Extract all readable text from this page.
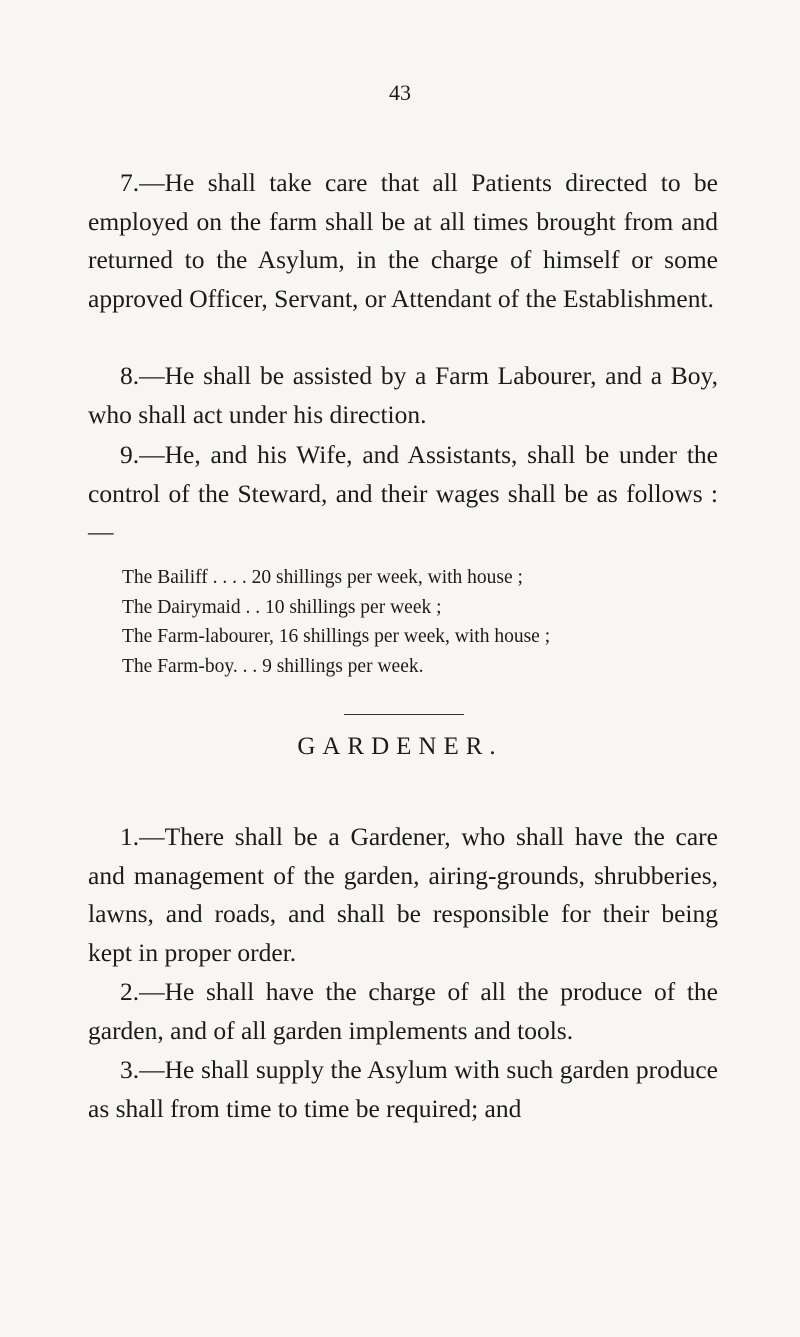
43

7.—He shall take care that all Patients directed to be employed on the farm shall be at all times brought from and returned to the Asylum, in the charge of himself or some approved Officer, Servant, or Attendant of the Establishment.

8.—He shall be assisted by a Farm Labourer, and a Boy, who shall act under his direction.

9.—He, and his Wife, and Assistants, shall be under the control of the Steward, and their wages shall be as follows :—

The Bailiff . . . . 20 shillings per week, with house ;
The Dairymaid . . 10 shillings per week ;
The Farm-labourer, 16 shillings per week, with house ;
The Farm-boy. . . 9 shillings per week.
GARDENER.

1.—There shall be a Gardener, who shall have the care and management of the garden, airing-grounds, shrubberies, lawns, and roads, and shall be responsible for their being kept in proper order.

2.—He shall have the charge of all the produce of the garden, and of all garden implements and tools.

3.—He shall supply the Asylum with such garden produce as shall from time to time be required; and
